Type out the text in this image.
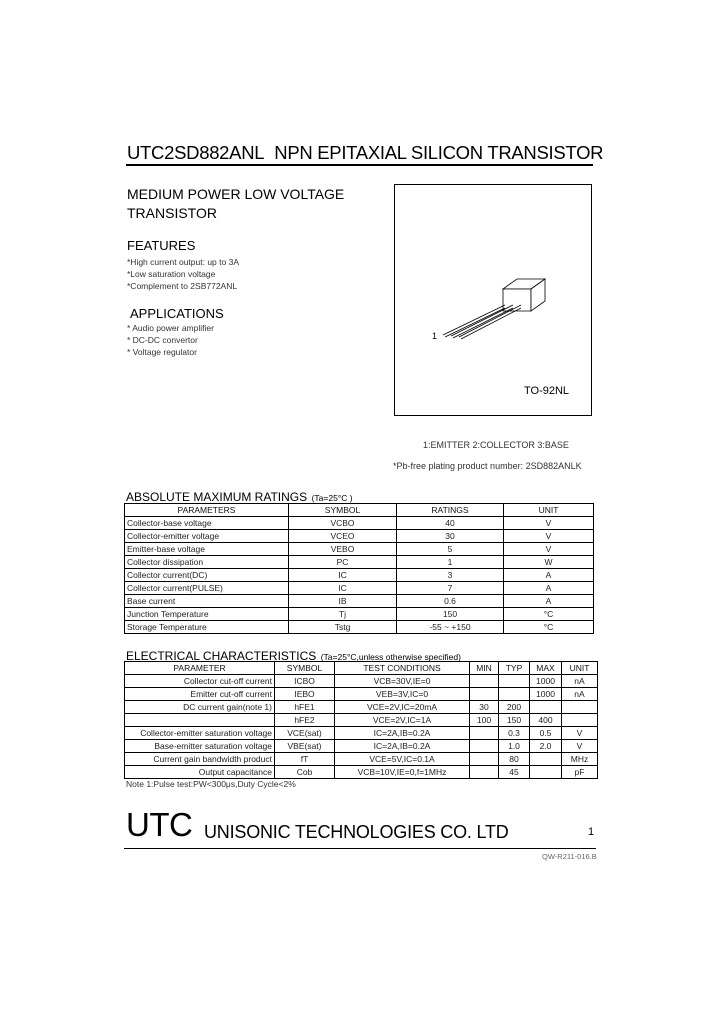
UTC2SD882ANL NPN EPITAXIAL SILICON TRANSISTOR
MEDIUM POWER LOW VOLTAGE
TRANSISTOR
FEATURES
*High current output: up to 3A
*Low saturation voltage
*Complement to 2SB772ANL
APPLICATIONS
* Audio power amplifier
* DC-DC convertor
* Voltage regulator
1
TO-92NL
1:EMITTER 2:COLLECTOR 3:BASE
*Pb-free plating product number: 2SD882ANLK
ABSOLUTE MAXIMUM RATINGS (Ta=25°C )
PARAMETERS	SYMBOL	RATINGS	UNIT
Collector-base voltage	VCBO	40	V
Collector-emitter voltage	VCEO	30	V
Emitter-base voltage	VEBO	5	V
Collector dissipation	PC	1	W
Collector current(DC)	IC	3	A
Collector current(PULSE)	IC	7	A
Base current	IB	0.6	A
Junction Temperature	Tj	150	°C
Storage Temperature	Tstg	-55 ~ +150	°C
ELECTRICAL CHARACTERISTICS (Ta=25°C,unless otherwise specified)
PARAMETER	SYMBOL	TEST CONDITIONS	MIN	TYP	MAX	UNIT
Collector cut-off current	ICBO	VCB=30V,IE=0			1000	nA
Emitter cut-off current	IEBO	VEB=3V,IC=0			1000	nA
DC current gain(note 1)	hFE1	VCE=2V,IC=20mA	30	200		
	hFE2	VCE=2V,IC=1A	100	150	400	
Collector-emitter saturation voltage	VCE(sat)	IC=2A,IB=0.2A		0.3	0.5	V
Base-emitter saturation voltage	VBE(sat)	IC=2A,IB=0.2A		1.0	2.0	V
Current gain bandwidth product	fT	VCE=5V,IC=0.1A		80		MHz
Output capacitance	Cob	VCB=10V,IE=0,f=1MHz		45		pF
Note 1:Pulse test:PW<300μs,Duty Cycle<2%
UTC UNISONIC TECHNOLOGIES CO. LTD	1
QW-R211-016.B
